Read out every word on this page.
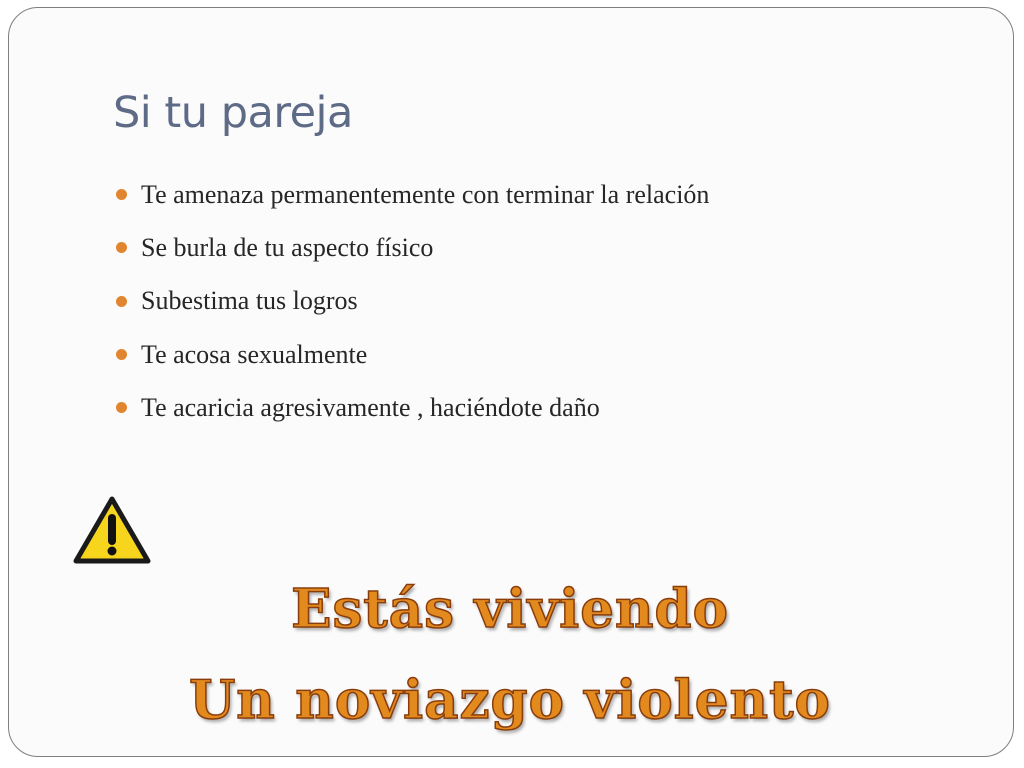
Si tu pareja
Te amenaza permanentemente con terminar la relación
Se burla de tu aspecto físico
Subestima tus logros
Te acosa sexualmente
Te acaricia agresivamente , haciéndote daño
Estás viviendo
Un noviazgo violento
